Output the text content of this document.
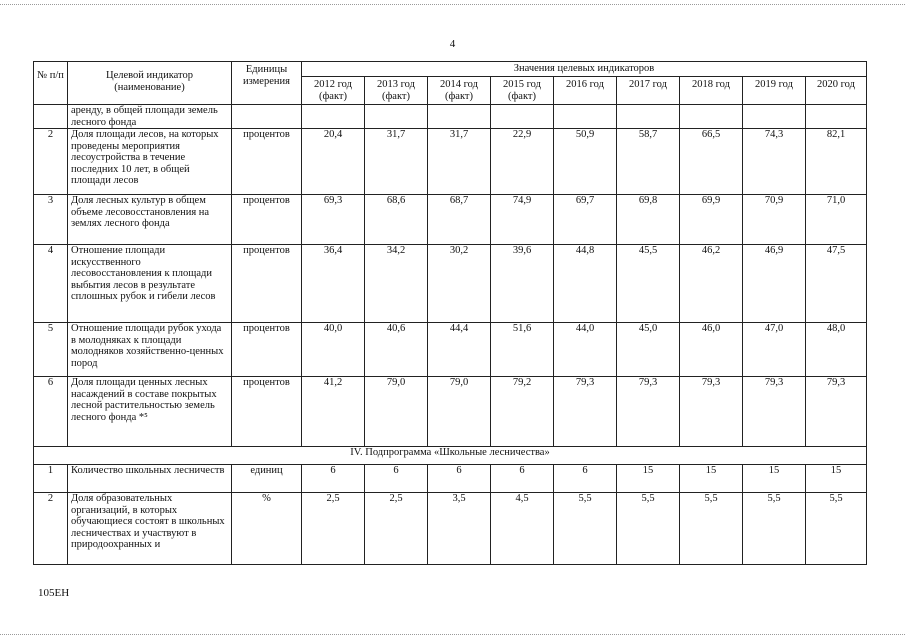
4
№ п/п	Целевой индикатор (наименование)	Единицы измерения	Значения целевых индикаторов								
			2012 год (факт)	2013 год (факт)	2014 год (факт)	2015 год (факт)	2016 год	2017 год	2018 год	2019 год	2020 год
	аренду, в общей площади земель лесного фонда										
2	Доля площади лесов, на которых проведены мероприятия лесоустройства в течение последних 10 лет, в общей площади лесов	процентов	20,4	31,7	31,7	22,9	50,9	58,7	66,5	74,3	82,1
3	Доля лесных культур в общем объеме лесовосстановления на землях лесного фонда	процентов	69,3	68,6	68,7	74,9	69,7	69,8	69,9	70,9	71,0
4	Отношение площади искусственного лесовосстановления к площади выбытия лесов в результате сплошных рубок и гибели лесов	процентов	36,4	34,2	30,2	39,6	44,8	45,5	46,2	46,9	47,5
5	Отношение площади рубок ухода в молодняках к площади молодняков хозяйственно-ценных пород	процентов	40,0	40,6	44,4	51,6	44,0	45,0	46,0	47,0	48,0
6	Доля площади ценных лесных насаждений в составе покрытых лесной растительностью земель лесного фонда *⁵	процентов	41,2	79,0	79,0	79,2	79,3	79,3	79,3	79,3	79,3
IV. Подпрограмма «Школьные лесничества»											
1	Количество школьных лесничеств	единиц	6	6	6	6	6	15	15	15	15
2	Доля образовательных организаций, в которых обучающиеся состоят в школьных лесничествах и участвуют в природоохранных и	%	2,5	2,5	3,5	4,5	5,5	5,5	5,5	5,5	5,5
105ЕН
